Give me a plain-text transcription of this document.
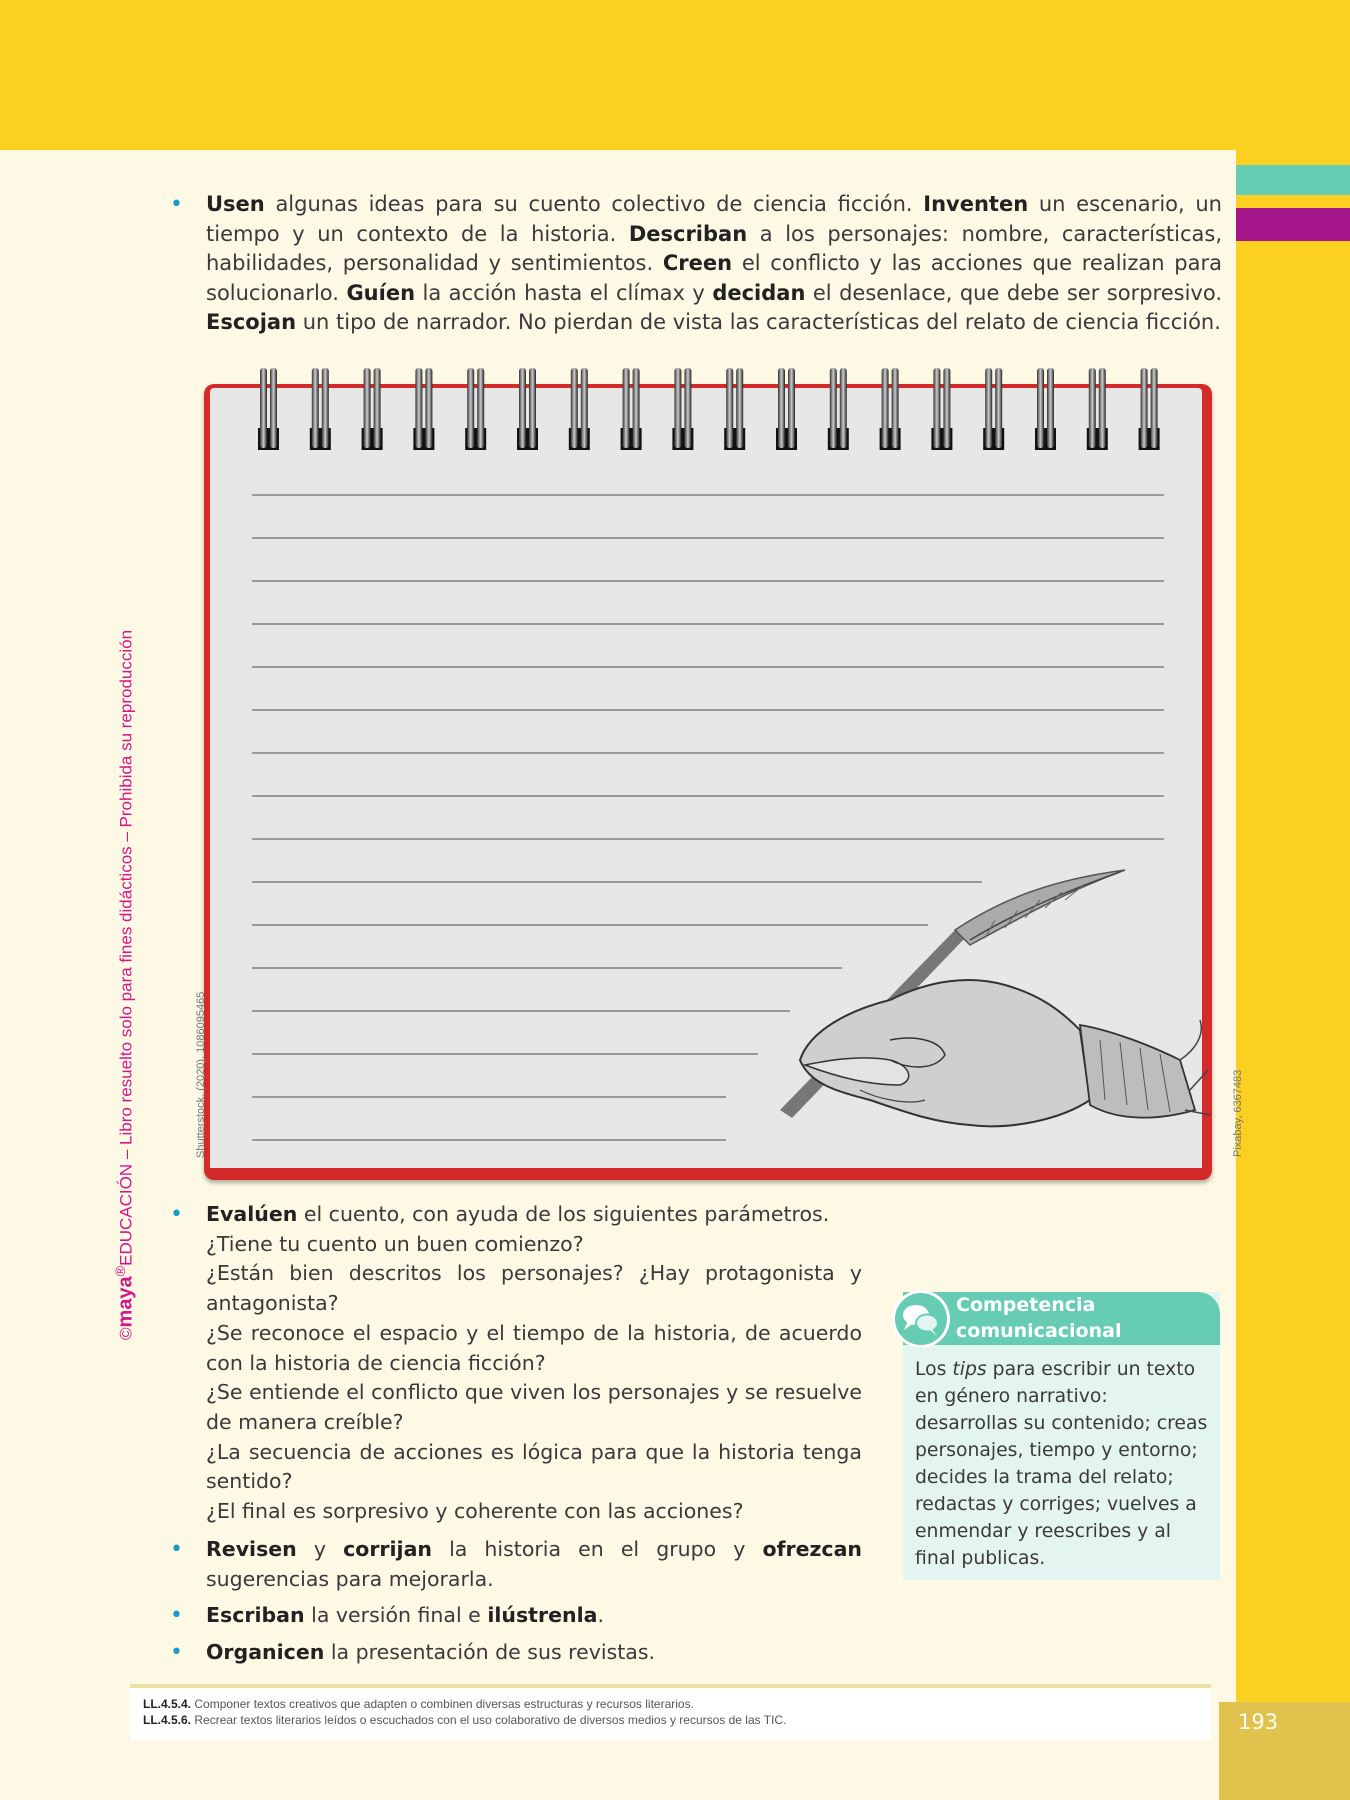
193
©maya®EDUCACIÓN – Libro resuelto solo para fines didácticos – Prohibida su reproducción
• Usen algunas ideas para su cuento colectivo de ciencia ficción. Inventen un escenario, un tiempo y un contexto de la historia. Describan a los personajes: nombre, características, habilidades, personalidad y sentimientos. Creen el conflicto y las acciones que realizan para solucionarlo. Guíen la acción hasta el clímax y decidan el desenlace, que debe ser sorpresivo. Escojan un tipo de narrador. No pierdan de vista las características del relato de ciencia ficción.
Shutterstock, (2020). 1086095465	Pixabay, 6367483
• Evalúen el cuento, con ayuda de los siguientes parámetros.
¿Tiene tu cuento un buen comienzo?
¿Están bien descritos los personajes? ¿Hay protagonista y antagonista?
¿Se reconoce el espacio y el tiempo de la historia, de acuerdo con la historia de ciencia ficción?
¿Se entiende el conflicto que viven los personajes y se resuelve de manera creíble?
¿La secuencia de acciones es lógica para que la historia tenga sentido?
¿El final es sorpresivo y coherente con las acciones?
• Revisen y corrijan la historia en el grupo y ofrezcan sugerencias para mejorarla.
• Escriban la versión final e ilústrenla.
• Organicen la presentación de sus revistas.
Competencia
comunicacional
Los tips para escribir un texto en género narrativo: desarrollas su contenido; creas personajes, tiempo y entorno; decides la trama del relato; redactas y corriges; vuelves a enmendar y reescribes y al final publicas.
LL.4.5.4. Componer textos creativos que adapten o combinen diversas estructuras y recursos literarios.
LL.4.5.6. Recrear textos literarios leídos o escuchados con el uso colaborativo de diversos medios y recursos de las TIC.
